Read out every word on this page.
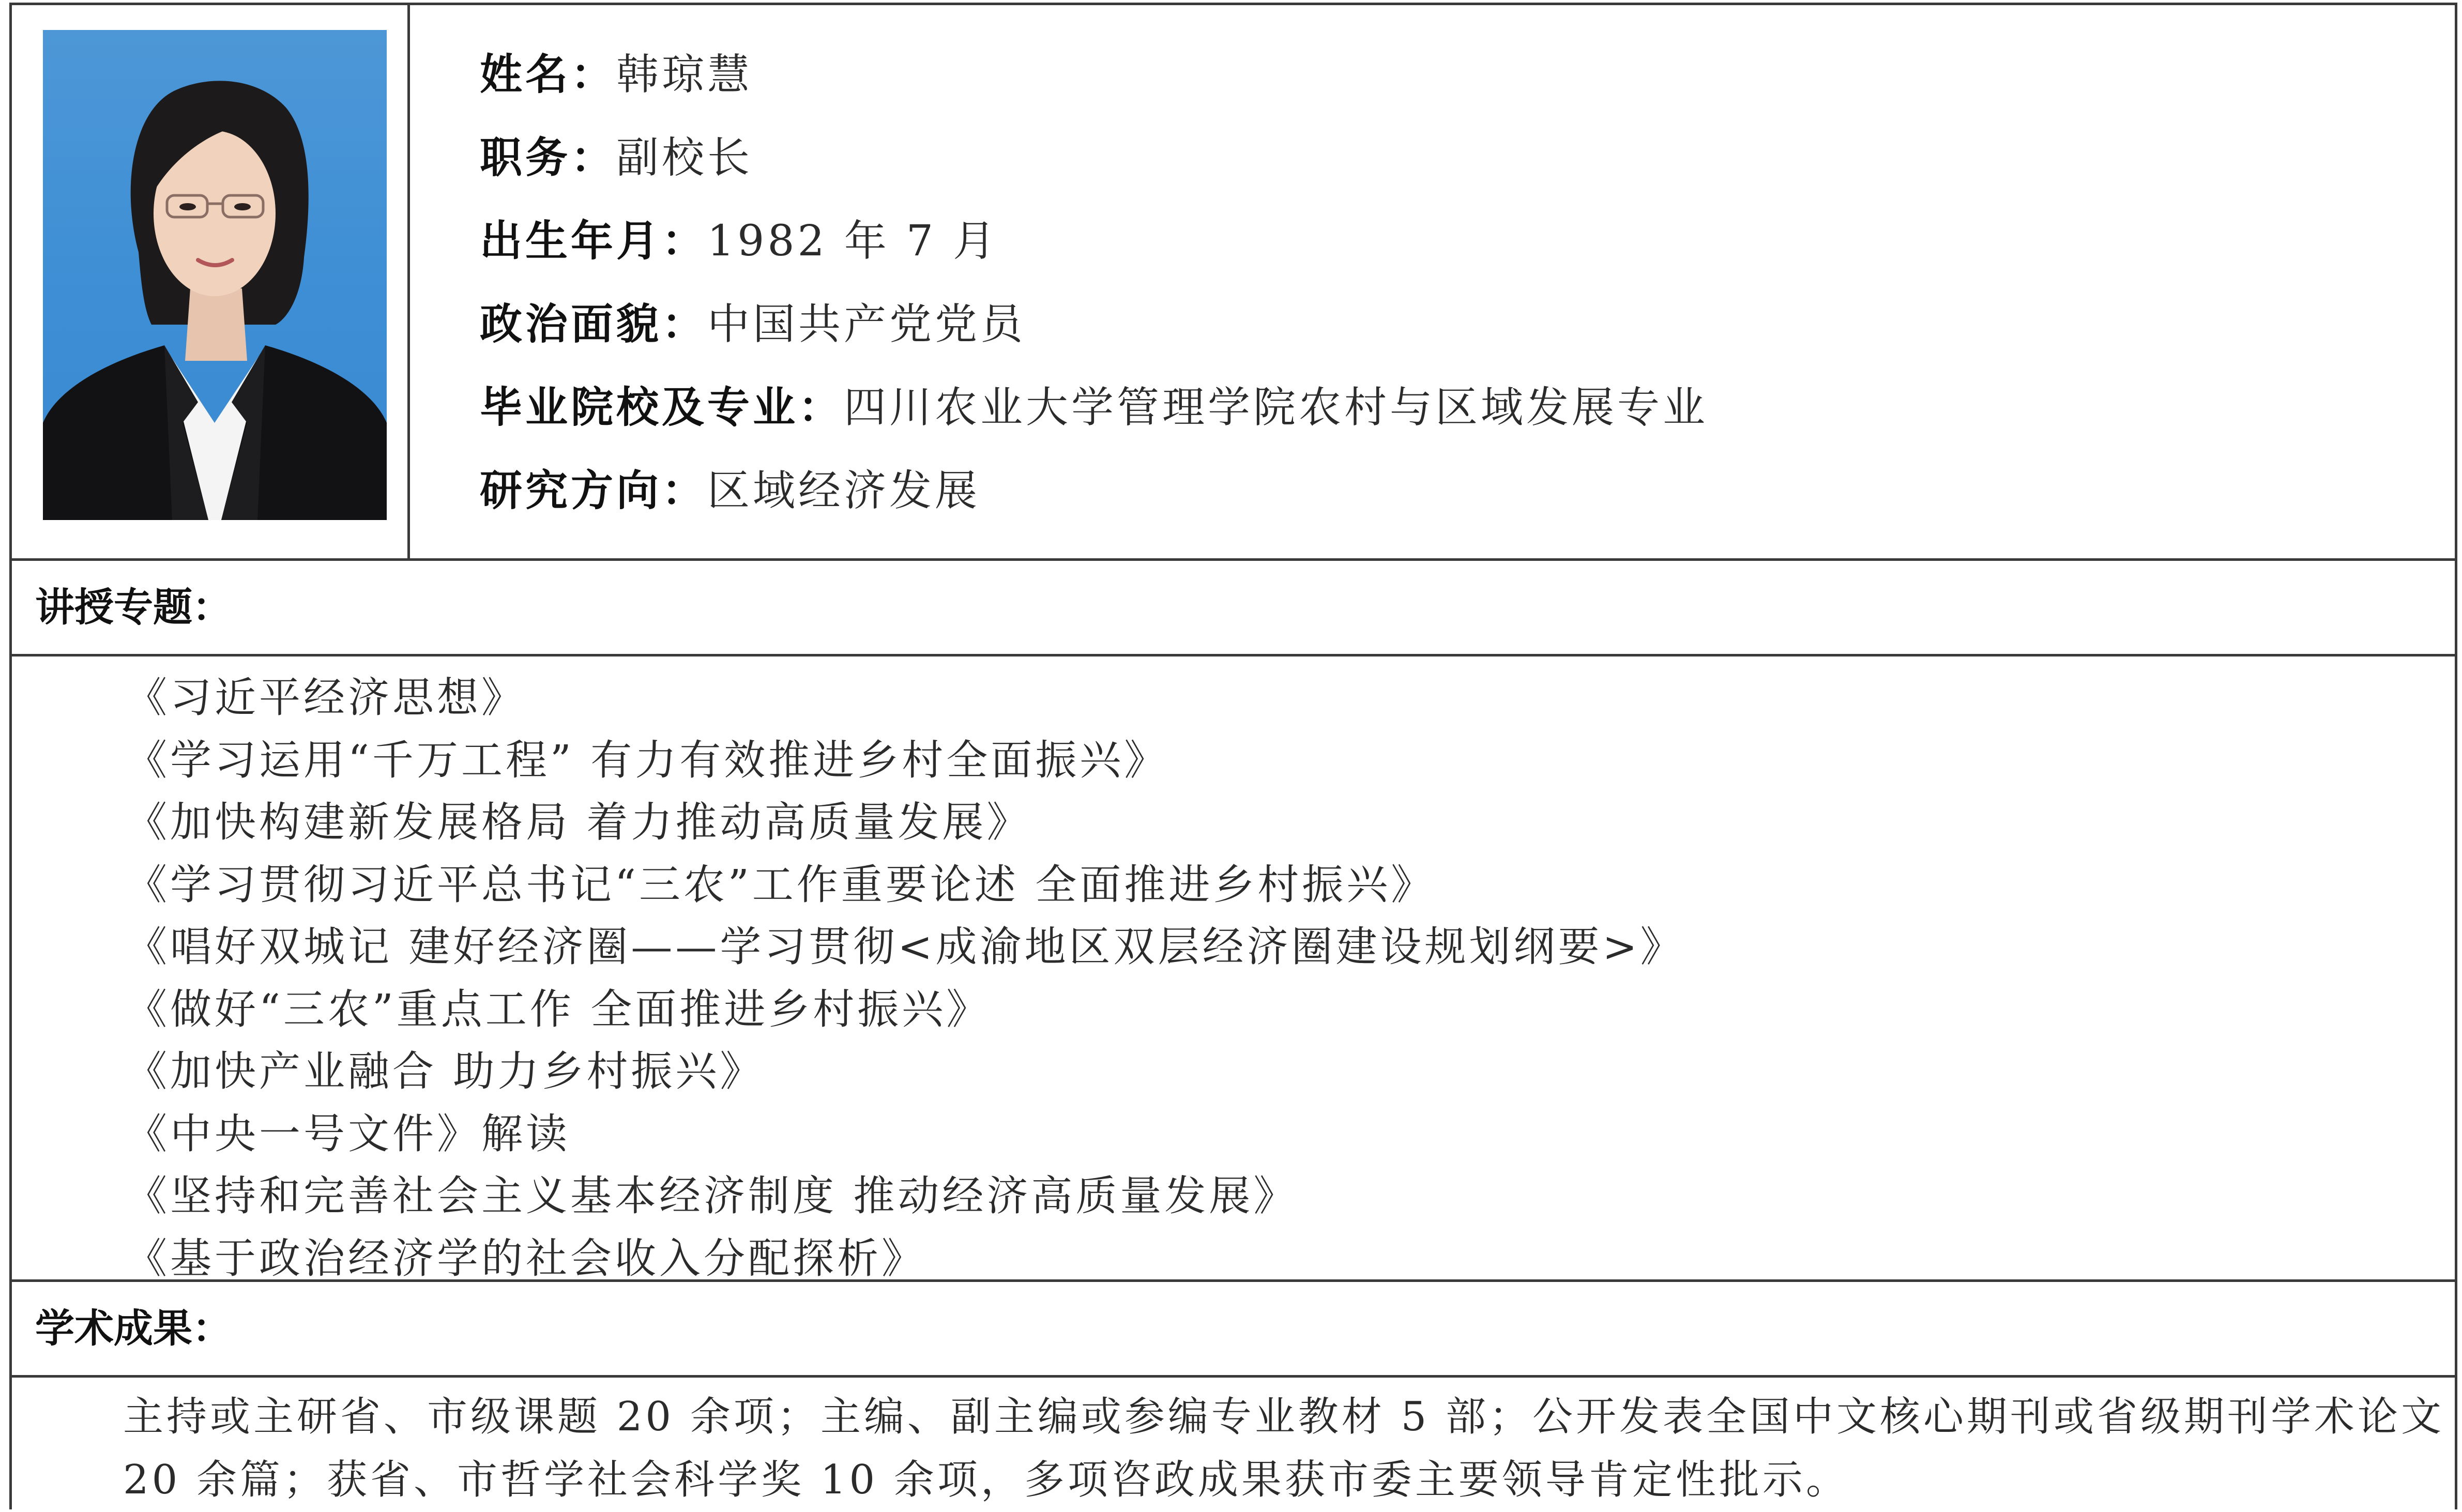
姓名：韩琼慧
职务：副校长
出生年月：1982 年 7 月
政治面貌：中国共产党党员
毕业院校及专业：四川农业大学管理学院农村与区域发展专业
研究方向：区域经济发展
讲授专题：
《习近平经济思想》
《学习运用“千万工程” 有力有效推进乡村全面振兴》
《加快构建新发展格局 着力推动高质量发展》
《学习贯彻习近平总书记“三农”工作重要论述 全面推进乡村振兴》
《唱好双城记 建好经济圈——学习贯彻<成渝地区双层经济圈建设规划纲要>》
《做好“三农”重点工作 全面推进乡村振兴》
《加快产业融合 助力乡村振兴》
《中央一号文件》解读
《坚持和完善社会主义基本经济制度 推动经济高质量发展》
《基于政治经济学的社会收入分配探析》
学术成果：
主持或主研省、市级课题 20 余项；主编、副主编或参编专业教材 5 部；公开发表全国中文核心期刊或省级期刊学术论文
20 余篇；获省、市哲学社会科学奖 10 余项，多项咨政成果获市委主要领导肯定性批示。
